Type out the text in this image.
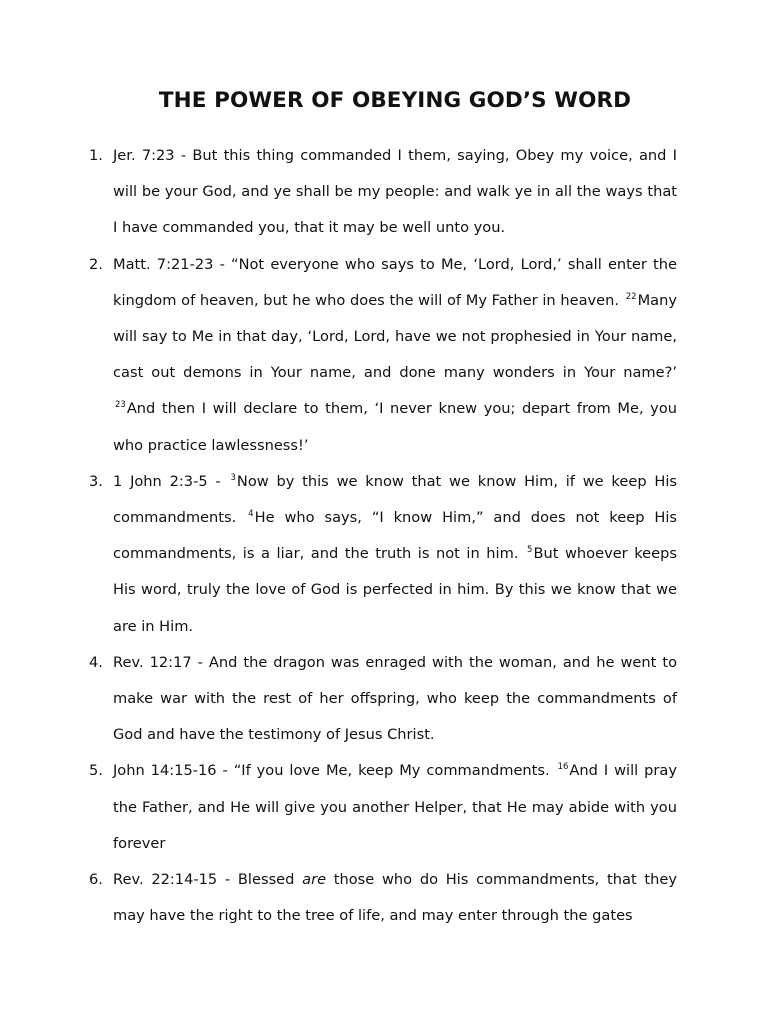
THE POWER OF OBEYING GOD’S WORD
1. Jer. 7:23 - But this thing commanded I them, saying, Obey my voice, and I will be your God, and ye shall be my people: and walk ye in all the ways that I have commanded you, that it may be well unto you.
2. Matt. 7:21-23 - “Not everyone who says to Me, ‘Lord, Lord,’ shall enter the kingdom of heaven, but he who does the will of My Father in heaven. $^{22}$Many will say to Me in that day, ‘Lord, Lord, have we not prophesied in Your name, cast out demons in Your name, and done many wonders in Your name?’ $^{23}$And then I will declare to them, ‘I never knew you; depart from Me, you who practice lawlessness!’
3. 1 John 2:3-5 - $^3$Now by this we know that we know Him, if we keep His commandments. $^4$He who says, “I know Him,” and does not keep His commandments, is a liar, and the truth is not in him. $^5$But whoever keeps His word, truly the love of God is perfected in him. By this we know that we are in Him.
4. Rev. 12:17 - And the dragon was enraged with the woman, and he went to make war with the rest of her offspring, who keep the commandments of God and have the testimony of Jesus Christ.
5. John 14:15-16 - “If you love Me, keep My commandments. $^{16}$And I will pray the Father, and He will give you another Helper, that He may abide with you forever
6. Rev. 22:14-15 - Blessed are those who do His commandments, that they may have the right to the tree of life, and may enter through the gates
